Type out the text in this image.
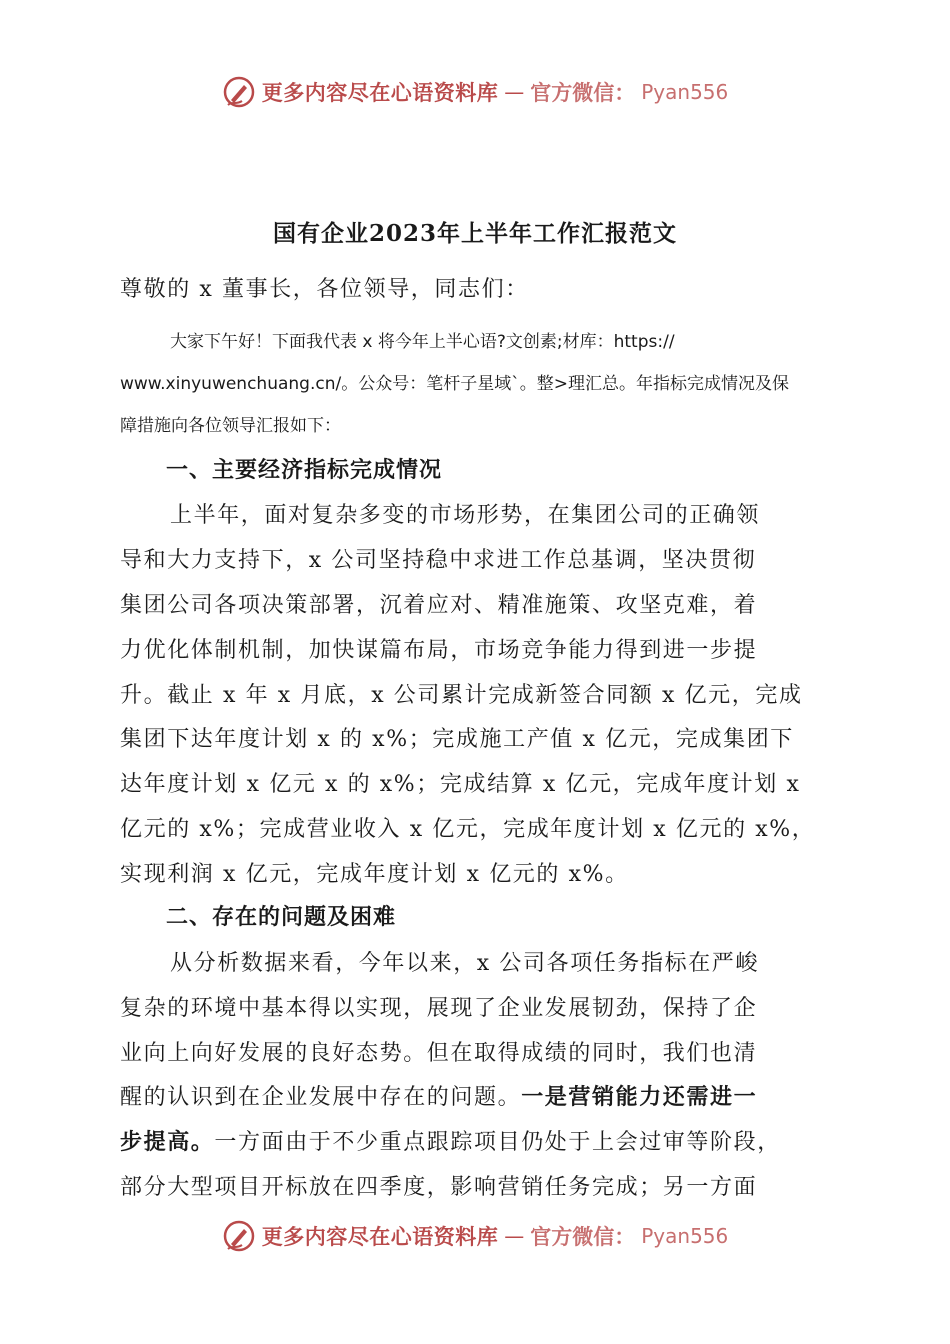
更多内容尽在心语资料库 — 官方微信： Pyan556
国有企业2023年上半年工作汇报范文
尊敬的 x 董事长，各位领导，同志们：
大家下午好！下面我代表 x 将今年上半心语?文创素;材库：https://
www.xinyuwenchuang.cn/。公众号：笔杆子星域`。整>理汇总。年指标完成情况及保
障措施向各位领导汇报如下：
一、主要经济指标完成情况
上半年，面对复杂多变的市场形势，在集团公司的正确领
导和大力支持下，x 公司坚持稳中求进工作总基调，坚决贯彻
集团公司各项决策部署，沉着应对、精准施策、攻坚克难，着
力优化体制机制，加快谋篇布局，市场竞争能力得到进一步提
升。截止 x 年 x 月底，x 公司累计完成新签合同额 x 亿元，完成
集团下达年度计划 x 的 x%；完成施工产值 x 亿元，完成集团下
达年度计划 x 亿元 x 的 x%；完成结算 x 亿元，完成年度计划 x
亿元的 x%；完成营业收入 x 亿元，完成年度计划 x 亿元的 x%，
实现利润 x 亿元，完成年度计划 x 亿元的 x%。
二、存在的问题及困难
从分析数据来看，今年以来，x 公司各项任务指标在严峻
复杂的环境中基本得以实现，展现了企业发展韧劲，保持了企
业向上向好发展的良好态势。但在取得成绩的同时，我们也清
醒的认识到在企业发展中存在的问题。一是营销能力还需进一
步提高。一方面由于不少重点跟踪项目仍处于上会过审等阶段，
部分大型项目开标放在四季度，影响营销任务完成；另一方面
更多内容尽在心语资料库 — 官方微信： Pyan556
